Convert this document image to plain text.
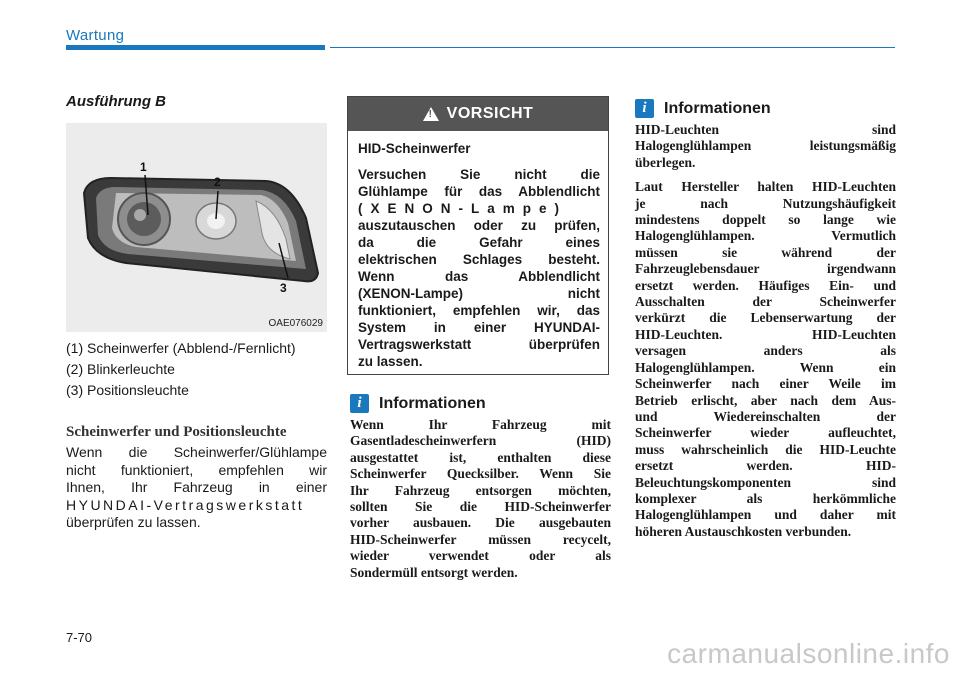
Wartung
Ausführung B
1
2
3
OAE076029
(1) Scheinwerfer (Abblend-/Fernlicht)
(2) Blinkerleuchte
(3) Positionsleuchte
Scheinwerfer und Positionsleuchte
Wenn die Scheinwerfer/Glühlampe
nicht funktioniert, empfehlen wir
Ihnen, Ihr Fahrzeug in einer
HYUNDAI-Vertragswerkstatt
überprüfen zu lassen.
!
VORSICHT
HID-Scheinwerfer
Versuchen Sie nicht die
Glühlampe für das Abblendlicht
(XENON-Lampe)
auszutauschen oder zu prüfen,
da die Gefahr eines
elektrischen Schlages besteht.
Wenn das Abblendlicht
(XENON-Lampe) nicht
funktioniert, empfehlen wir, das
System in einer HYUNDAI-
Vertragswerkstatt überprüfen
zu lassen.
i	Informationen
Wenn Ihr Fahrzeug mit
Gasentladescheinwerfern (HID)
ausgestattet ist, enthalten diese
Scheinwerfer Quecksilber. Wenn Sie
Ihr Fahrzeug entsorgen möchten,
sollten Sie die HID-Scheinwerfer
vorher ausbauen. Die ausgebauten
HID-Scheinwerfer müssen recycelt,
wieder verwendet oder als
Sondermüll entsorgt werden.
i	Informationen
HID-Leuchten sind
Halogenglühlampen leistungsmäßig
überlegen.
Laut Hersteller halten HID-Leuchten
je nach Nutzungshäufigkeit
mindestens doppelt so lange wie
Halogenglühlampen. Vermutlich
müssen sie während der
Fahrzeuglebensdauer irgendwann
ersetzt werden. Häufiges Ein- und
Ausschalten der Scheinwerfer
verkürzt die Lebenserwartung der
HID-Leuchten. HID-Leuchten
versagen anders als
Halogenglühlampen. Wenn ein
Scheinwerfer nach einer Weile im
Betrieb erlischt, aber nach dem Aus-
und Wiedereinschalten der
Scheinwerfer wieder aufleuchtet,
muss wahrscheinlich die HID-Leuchte
ersetzt werden. HID-
Beleuchtungskomponenten sind
komplexer als herkömmliche
Halogenglühlampen und daher mit
höheren Austauschkosten verbunden.
7-70
carmanualsonline.info
